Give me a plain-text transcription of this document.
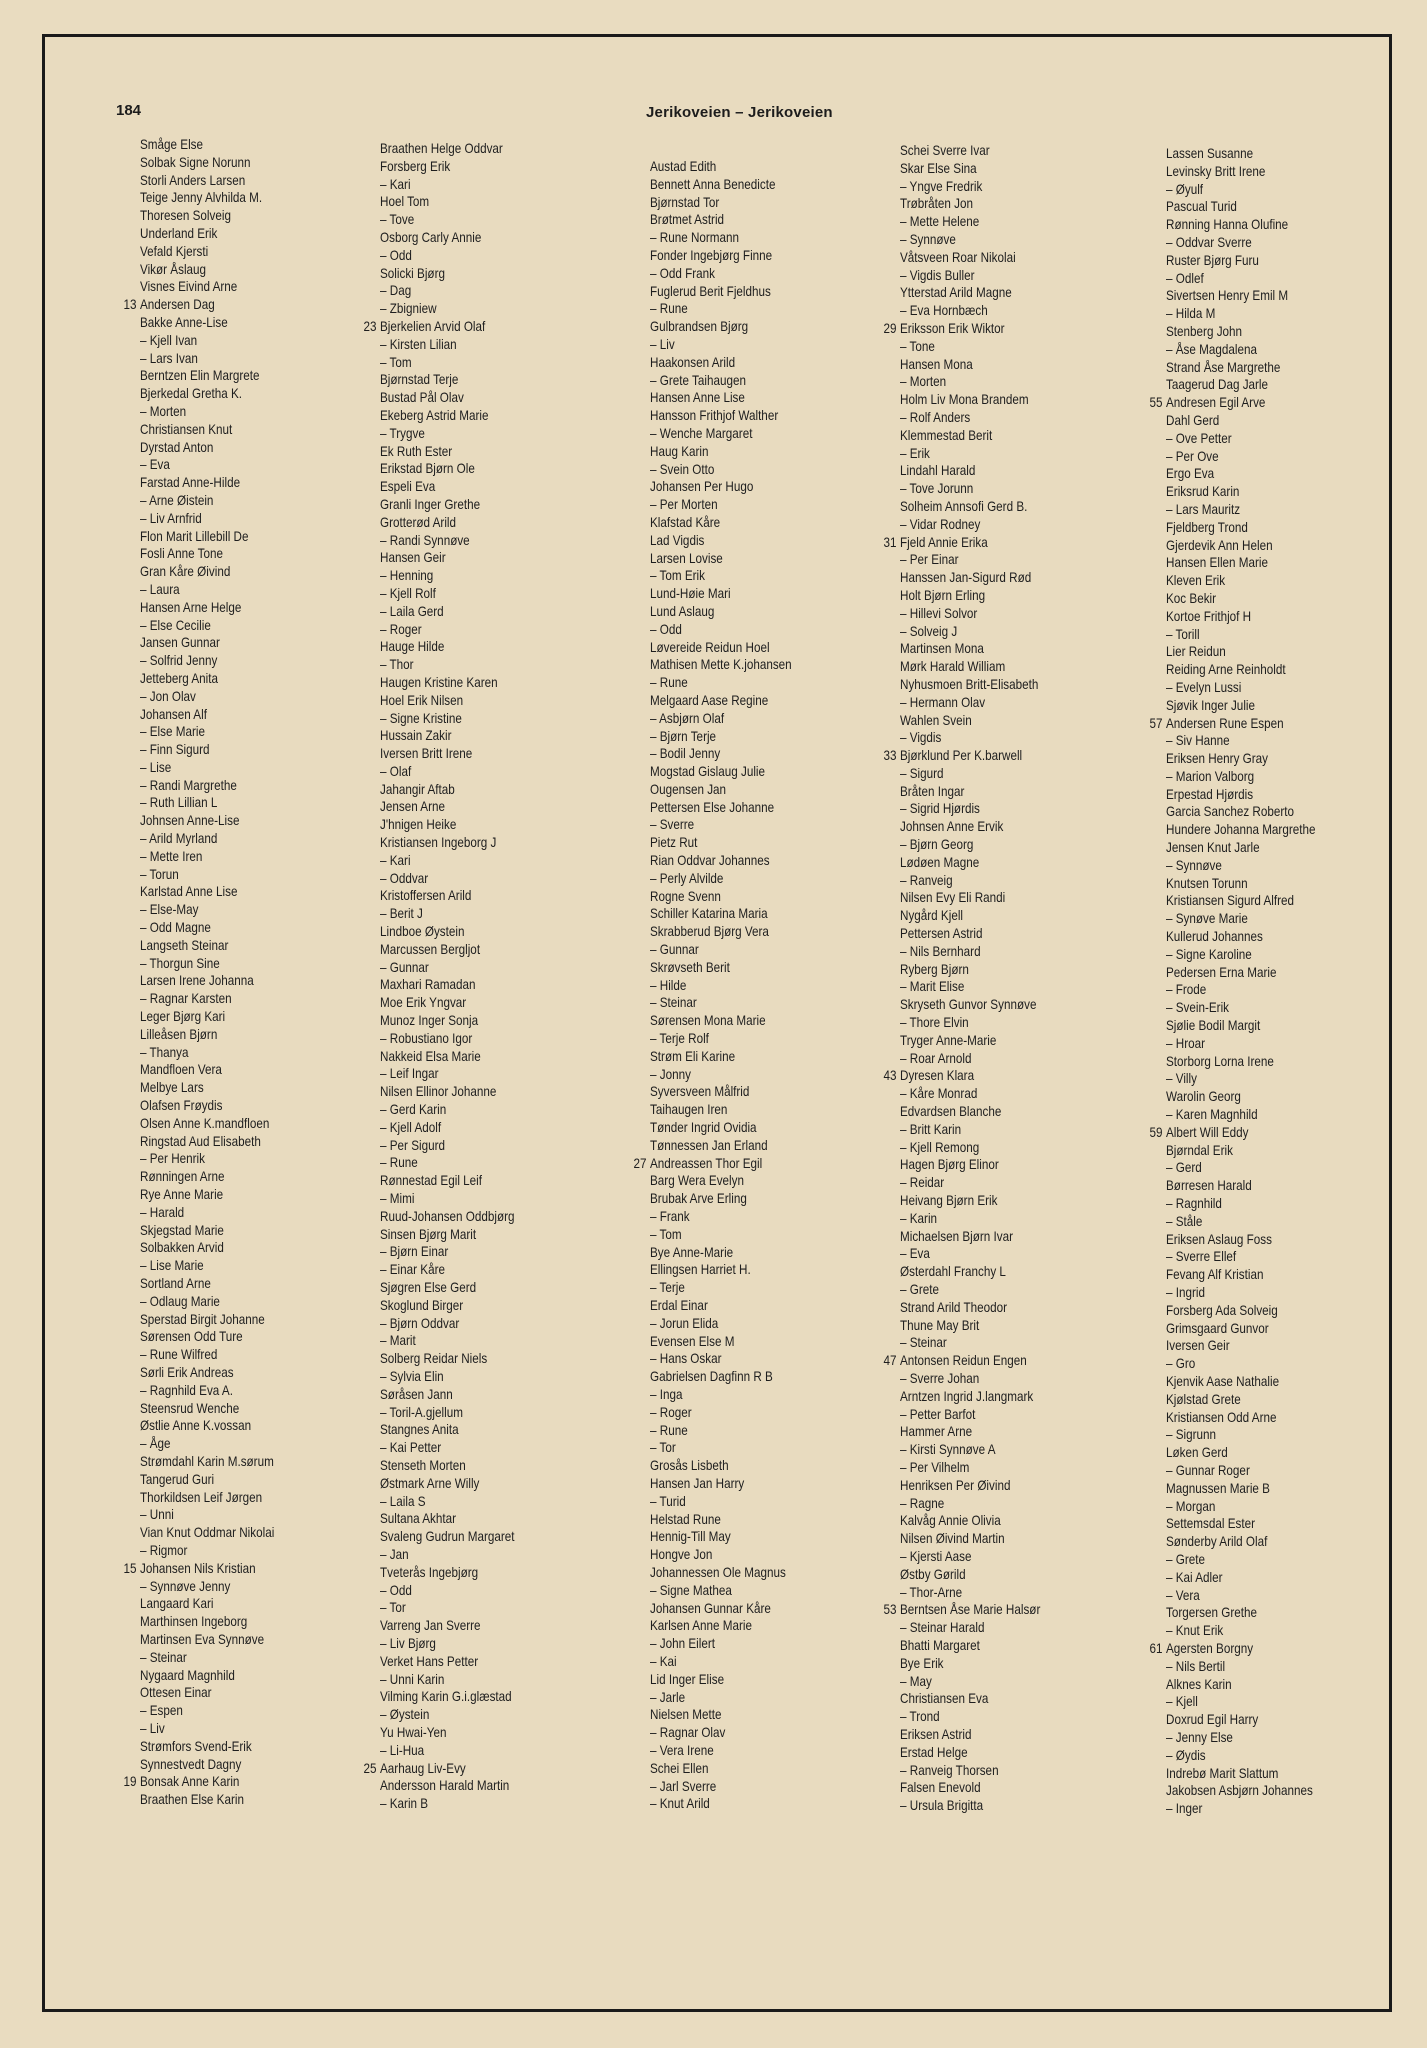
184	Jerikoveien – Jerikoveien
Småge Else
Solbak Signe Norunn
Storli Anders Larsen
Teige Jenny Alvhilda M.
Thoresen Solveig
Underland Erik
Vefald Kjersti
Vikør Åslaug
Visnes Eivind Arne
13 Andersen Dag
Bakke Anne-Lise
– Kjell Ivan
– Lars Ivan
Berntzen Elin Margrete
Bjerkedal Gretha K.
– Morten
Christiansen Knut
Dyrstad Anton
– Eva
Farstad Anne-Hilde
– Arne Øistein
– Liv Arnfrid
Flon Marit Lillebill De
Fosli Anne Tone
Gran Kåre Øivind
– Laura
Hansen Arne Helge
– Else Cecilie
Jansen Gunnar
– Solfrid Jenny
Jetteberg Anita
– Jon Olav
Johansen Alf
– Else Marie
– Finn Sigurd
– Lise
– Randi Margrethe
– Ruth Lillian L
Johnsen Anne-Lise
– Arild Myrland
– Mette Iren
– Torun
Karlstad Anne Lise
– Else-May
– Odd Magne
Langseth Steinar
– Thorgun Sine
Larsen Irene Johanna
– Ragnar Karsten
Leger Bjørg Kari
Lilleåsen Bjørn
– Thanya
Mandfloen Vera
Melbye Lars
Olafsen Frøydis
Olsen Anne K.mandfloen
Ringstad Aud Elisabeth
– Per Henrik
Rønningen Arne
Rye Anne Marie
– Harald
Skjegstad Marie
Solbakken Arvid
– Lise Marie
Sortland Arne
– Odlaug Marie
Sperstad Birgit Johanne
Sørensen Odd Ture
– Rune Wilfred
Sørli Erik Andreas
– Ragnhild Eva A.
Steensrud Wenche
Østlie Anne K.vossan
– Åge
Strømdahl Karin M.sørum
Tangerud Guri
Thorkildsen Leif Jørgen
– Unni
Vian Knut Oddmar Nikolai
– Rigmor
15 Johansen Nils Kristian
– Synnøve Jenny
Langaard Kari
Marthinsen Ingeborg
Martinsen Eva Synnøve
– Steinar
Nygaard Magnhild
Ottesen Einar
– Espen
– Liv
Strømfors Svend-Erik
Synnestvedt Dagny
19 Bonsak Anne Karin
Braathen Else Karin
Braathen Helge Oddvar
Forsberg Erik
– Kari
Hoel Tom
– Tove
Osborg Carly Annie
– Odd
Solicki Bjørg
– Dag
– Zbigniew
23 Bjerkelien Arvid Olaf
– Kirsten Lilian
– Tom
Bjørnstad Terje
Bustad Pål Olav
Ekeberg Astrid Marie
– Trygve
Ek Ruth Ester
Erikstad Bjørn Ole
Espeli Eva
Granli Inger Grethe
Grotterød Arild
– Randi Synnøve
Hansen Geir
– Henning
– Kjell Rolf
– Laila Gerd
– Roger
Hauge Hilde
– Thor
Haugen Kristine Karen
Hoel Erik Nilsen
– Signe Kristine
Hussain Zakir
Iversen Britt Irene
– Olaf
Jahangir Aftab
Jensen Arne
J'hnigen Heike
Kristiansen Ingeborg J
– Kari
– Oddvar
Kristoffersen Arild
– Berit J
Lindboe Øystein
Marcussen Bergljot
– Gunnar
Maxhari Ramadan
Moe Erik Yngvar
Munoz Inger Sonja
– Robustiano Igor
Nakkeid Elsa Marie
– Leif Ingar
Nilsen Ellinor Johanne
– Gerd Karin
– Kjell Adolf
– Per Sigurd
– Rune
Rønnestad Egil Leif
– Mimi
Ruud-Johansen Oddbjørg
Sinsen Bjørg Marit
– Bjørn Einar
– Einar Kåre
Sjøgren Else Gerd
Skoglund Birger
– Bjørn Oddvar
– Marit
Solberg Reidar Niels
– Sylvia Elin
Søråsen Jann
– Toril-A.gjellum
Stangnes Anita
– Kai Petter
Stenseth Morten
Østmark Arne Willy
– Laila S
Sultana Akhtar
Svaleng Gudrun Margaret
– Jan
Tveterås Ingebjørg
– Odd
– Tor
Varreng Jan Sverre
– Liv Bjørg
Verket Hans Petter
– Unni Karin
Vilming Karin G.i.glæstad
– Øystein
Yu Hwai-Yen
– Li-Hua
25 Aarhaug Liv-Evy
Andersson Harald Martin
– Karin B
Austad Edith
Bennett Anna Benedicte
Bjørnstad Tor
Brøtmet Astrid
– Rune Normann
Fonder Ingebjørg Finne
– Odd Frank
Fuglerud Berit Fjeldhus
– Rune
Gulbrandsen Bjørg
– Liv
Haakonsen Arild
– Grete Taihaugen
Hansen Anne Lise
Hansson Frithjof Walther
– Wenche Margaret
Haug Karin
– Svein Otto
Johansen Per Hugo
– Per Morten
Klafstad Kåre
Lad Vigdis
Larsen Lovise
– Tom Erik
Lund-Høie Mari
Lund Aslaug
– Odd
Løvereide Reidun Hoel
Mathisen Mette K.johansen
– Rune
Melgaard Aase Regine
– Asbjørn Olaf
– Bjørn Terje
– Bodil Jenny
Mogstad Gislaug Julie
Ougensen Jan
Pettersen Else Johanne
– Sverre
Pietz Rut
Rian Oddvar Johannes
– Perly Alvilde
Rogne Svenn
Schiller Katarina Maria
Skrabberud Bjørg Vera
– Gunnar
Skrøvseth Berit
– Hilde
– Steinar
Sørensen Mona Marie
– Terje Rolf
Strøm Eli Karine
– Jonny
Syversveen Målfrid
Taihaugen Iren
Tønder Ingrid Ovidia
Tønnessen Jan Erland
27 Andreassen Thor Egil
Barg Wera Evelyn
Brubak Arve Erling
– Frank
– Tom
Bye Anne-Marie
Ellingsen Harriet H.
– Terje
Erdal Einar
– Jorun Elida
Evensen Else M
– Hans Oskar
Gabrielsen Dagfinn R B
– Inga
– Roger
– Rune
– Tor
Grosås Lisbeth
Hansen Jan Harry
– Turid
Helstad Rune
Hennig-Till May
Hongve Jon
Johannessen Ole Magnus
– Signe Mathea
Johansen Gunnar Kåre
Karlsen Anne Marie
– John Eilert
– Kai
Lid Inger Elise
– Jarle
Nielsen Mette
– Ragnar Olav
– Vera Irene
Schei Ellen
– Jarl Sverre
– Knut Arild
Schei Sverre Ivar
Skar Else Sina
– Yngve Fredrik
Trøbråten Jon
– Mette Helene
– Synnøve
Våtsveen Roar Nikolai
– Vigdis Buller
Ytterstad Arild Magne
– Eva Hornbæch
29 Eriksson Erik Wiktor
– Tone
Hansen Mona
– Morten
Holm Liv Mona Brandem
– Rolf Anders
Klemmestad Berit
– Erik
Lindahl Harald
– Tove Jorunn
Solheim Annsofi Gerd B.
– Vidar Rodney
31 Fjeld Annie Erika
– Per Einar
Hanssen Jan-Sigurd Rød
Holt Bjørn Erling
– Hillevi Solvor
– Solveig J
Martinsen Mona
Mørk Harald William
Nyhusmoen Britt-Elisabeth
– Hermann Olav
Wahlen Svein
– Vigdis
33 Bjørklund Per K.barwell
– Sigurd
Bråten Ingar
– Sigrid Hjørdis
Johnsen Anne Ervik
– Bjørn Georg
Lødøen Magne
– Ranveig
Nilsen Evy Eli Randi
Nygård Kjell
Pettersen Astrid
– Nils Bernhard
Ryberg Bjørn
– Marit Elise
Skryseth Gunvor Synnøve
– Thore Elvin
Tryger Anne-Marie
– Roar Arnold
43 Dyresen Klara
– Kåre Monrad
Edvardsen Blanche
– Britt Karin
– Kjell Remong
Hagen Bjørg Elinor
– Reidar
Heivang Bjørn Erik
– Karin
Michaelsen Bjørn Ivar
– Eva
Østerdahl Franchy L
– Grete
Strand Arild Theodor
Thune May Brit
– Steinar
47 Antonsen Reidun Engen
– Sverre Johan
Arntzen Ingrid J.langmark
– Petter Barfot
Hammer Arne
– Kirsti Synnøve A
– Per Vilhelm
Henriksen Per Øivind
– Ragne
Kalvåg Annie Olivia
Nilsen Øivind Martin
– Kjersti Aase
Østby Gørild
– Thor-Arne
53 Berntsen Åse Marie Halsør
– Steinar Harald
Bhatti Margaret
Bye Erik
– May
Christiansen Eva
– Trond
Eriksen Astrid
Erstad Helge
– Ranveig Thorsen
Falsen Enevold
– Ursula Brigitta
Lassen Susanne
Levinsky Britt Irene
– Øyulf
Pascual Turid
Rønning Hanna Olufine
– Oddvar Sverre
Ruster Bjørg Furu
– Odlef
Sivertsen Henry Emil M
– Hilda M
Stenberg John
– Åse Magdalena
Strand Åse Margrethe
Taagerud Dag Jarle
55 Andresen Egil Arve
Dahl Gerd
– Ove Petter
– Per Ove
Ergo Eva
Eriksrud Karin
– Lars Mauritz
Fjeldberg Trond
Gjerdevik Ann Helen
Hansen Ellen Marie
Kleven Erik
Koc Bekir
Kortoe Frithjof H
– Torill
Lier Reidun
Reiding Arne Reinholdt
– Evelyn Lussi
Sjøvik Inger Julie
57 Andersen Rune Espen
– Siv Hanne
Eriksen Henry Gray
– Marion Valborg
Erpestad Hjørdis
Garcia Sanchez Roberto
Hundere Johanna Margrethe
Jensen Knut Jarle
– Synnøve
Knutsen Torunn
Kristiansen Sigurd Alfred
– Synøve Marie
Kullerud Johannes
– Signe Karoline
Pedersen Erna Marie
– Frode
– Svein-Erik
Sjølie Bodil Margit
– Hroar
Storborg Lorna Irene
– Villy
Warolin Georg
– Karen Magnhild
59 Albert Will Eddy
Bjørndal Erik
– Gerd
Børresen Harald
– Ragnhild
– Ståle
Eriksen Aslaug Foss
– Sverre Ellef
Fevang Alf Kristian
– Ingrid
Forsberg Ada Solveig
Grimsgaard Gunvor
Iversen Geir
– Gro
Kjenvik Aase Nathalie
Kjølstad Grete
Kristiansen Odd Arne
– Sigrunn
Løken Gerd
– Gunnar Roger
Magnussen Marie B
– Morgan
Settemsdal Ester
Sønderby Arild Olaf
– Grete
– Kai Adler
– Vera
Torgersen Grethe
– Knut Erik
61 Agersten Borgny
– Nils Bertil
Alknes Karin
– Kjell
Doxrud Egil Harry
– Jenny Else
– Øydis
Indrebø Marit Slattum
Jakobsen Asbjørn Johannes
– Inger
